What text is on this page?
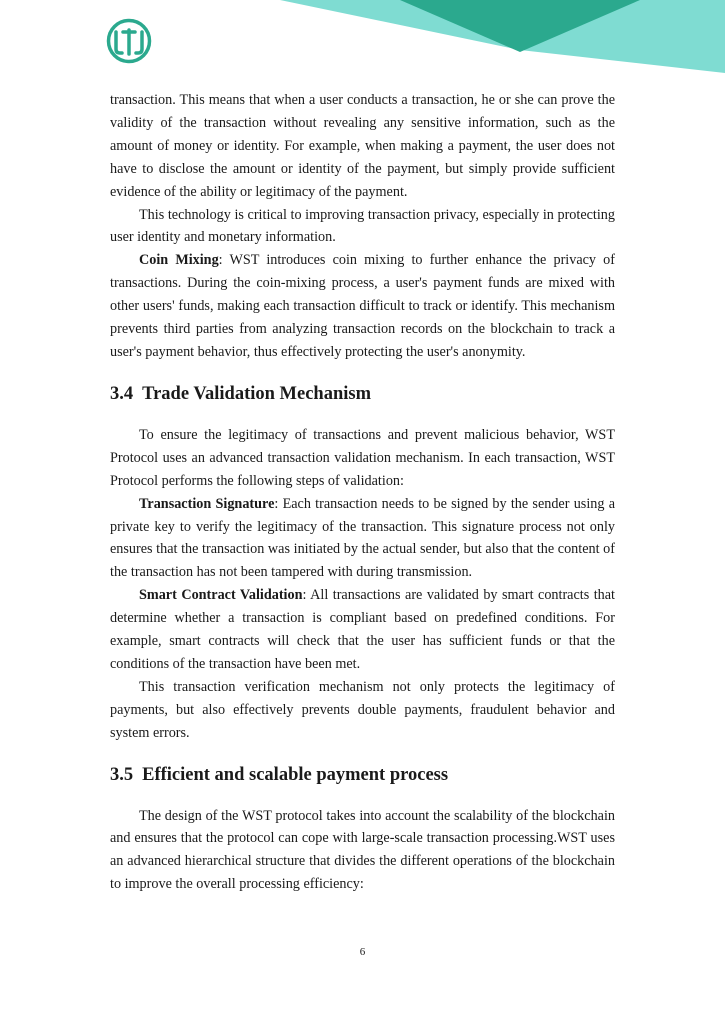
transaction. This means that when a user conducts a transaction, he or she can prove the validity of the transaction without revealing any sensitive information, such as the amount of money or identity. For example, when making a payment, the user does not have to disclose the amount or identity of the payment, but simply provide sufficient evidence of the ability or legitimacy of the payment.

This technology is critical to improving transaction privacy, especially in protecting user identity and monetary information.

Coin Mixing: WST introduces coin mixing to further enhance the privacy of transactions. During the coin-mixing process, a user's payment funds are mixed with other users' funds, making each transaction difficult to track or identify. This mechanism prevents third parties from analyzing transaction records on the blockchain to track a user's payment behavior, thus effectively protecting the user's anonymity.

3.4 Trade Validation Mechanism

To ensure the legitimacy of transactions and prevent malicious behavior, WST Protocol uses an advanced transaction validation mechanism. In each transaction, WST Protocol performs the following steps of validation:

Transaction Signature: Each transaction needs to be signed by the sender using a private key to verify the legitimacy of the transaction. This signature process not only ensures that the transaction was initiated by the actual sender, but also that the content of the transaction has not been tampered with during transmission.

Smart Contract Validation: All transactions are validated by smart contracts that determine whether a transaction is compliant based on predefined conditions. For example, smart contracts will check that the user has sufficient funds or that the conditions of the transaction have been met.

This transaction verification mechanism not only protects the legitimacy of payments, but also effectively prevents double payments, fraudulent behavior and system errors.

3.5 Efficient and scalable payment process

The design of the WST protocol takes into account the scalability of the blockchain and ensures that the protocol can cope with large-scale transaction processing.WST uses an advanced hierarchical structure that divides the different operations of the blockchain to improve the overall processing efficiency:

6
